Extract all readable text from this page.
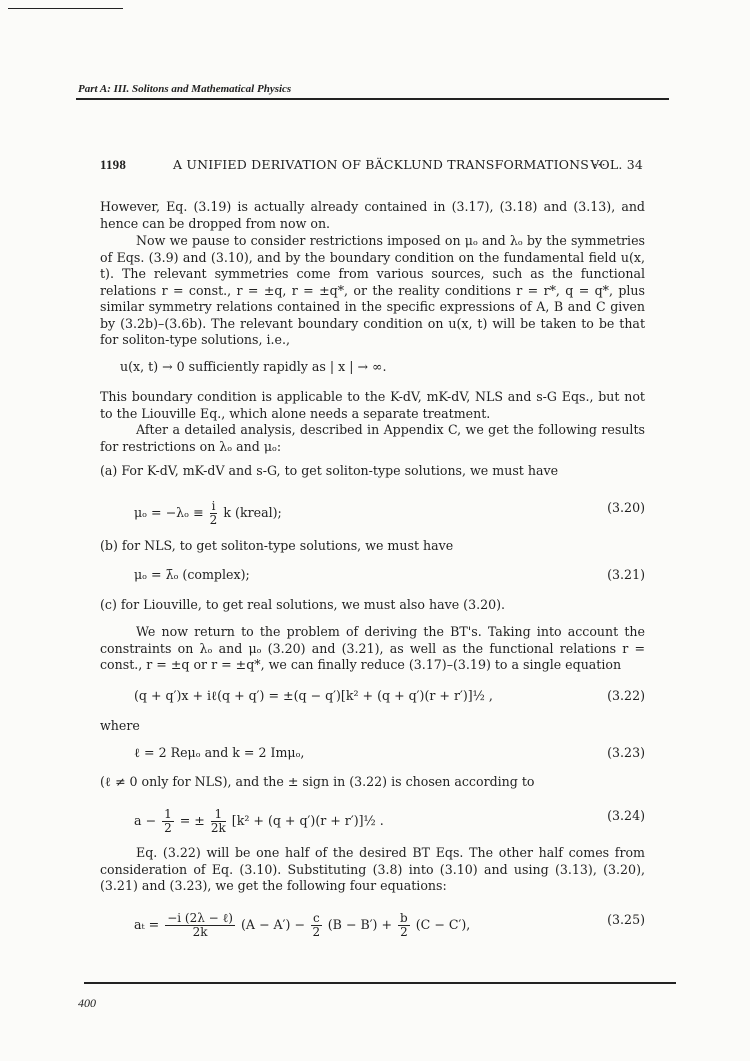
Part A: III. Solitons and Mathematical Physics
1198	A UNIFIED DERIVATION OF BÄCKLUND TRANSFORMATIONS ···
VOL. 34
However, Eq. (3.19) is actually already contained in (3.17), (3.18) and (3.13), and hence can be dropped from now on.
Now we pause to consider restrictions imposed on μₒ and λₒ by the symmetries of Eqs. (3.9) and (3.10), and by the boundary condition on the fundamental field u(x, t). The relevant symmetries come from various sources, such as the functional relations r = const., r = ±q, r = ±q*, or the reality conditions r = r*, q = q*, plus similar symmetry relations contained in the specific expressions of A, B and C given by (3.2b)–(3.6b). The relevant boundary condition on u(x, t) will be taken to be that for soliton-type solutions, i.e.,
u(x, t) → 0 sufficiently rapidly as | x | → ∞.
This boundary condition is applicable to the K-dV, mK-dV, NLS and s-G Eqs., but not to the Liouville Eq., which alone needs a separate treatment.
After a detailed analysis, described in Appendix C, we get the following results for restrictions on λₒ and μₒ:
(a) For K-dV, mK-dV and s-G, to get soliton-type solutions, we must have
$\mu_o = -\lambda_o \equiv \frac{i}{2}$ k (kreal);	(3.20)
(b) for NLS, to get soliton-type solutions, we must have
μₒ = λ̄ₒ (complex);	(3.21)
(c) for Liouville, to get real solutions, we must also have (3.20).
We now return to the problem of deriving the BT's. Taking into account the constraints on λₒ and μₒ (3.20) and (3.21), as well as the functional relations r = const., r = ±q or r = ±q*, we can finally reduce (3.17)–(3.19) to a single equation
(q + q′)x + iℓ(q + q′) = ±(q − q′)[k² + (q + q′)(r + r′)]½ ,	(3.22)
where
ℓ = 2 Reμₒ and k = 2 Imμₒ,	(3.23)
(ℓ ≠ 0 only for NLS), and the ± sign in (3.22) is chosen according to
$a - \frac{1}{2}$ = ± $\frac{1}{2k} [k^2 + (q + q')(r$ + r′)]½ .	(3.24)
Eq. (3.22) will be one half of the desired BT Eqs. The other half comes from consideration of Eq. (3.10). Substituting (3.8) into (3.10) and using (3.13), (3.20), (3.21) and (3.23), we get the following four equations:
$a_t = \frac{\text{−i (2λ − ℓ)}}{2k} (A - A') - \frac{c}{2} (B - B') + \frac{b}{2} (C - C')$,	(3.25)
400
